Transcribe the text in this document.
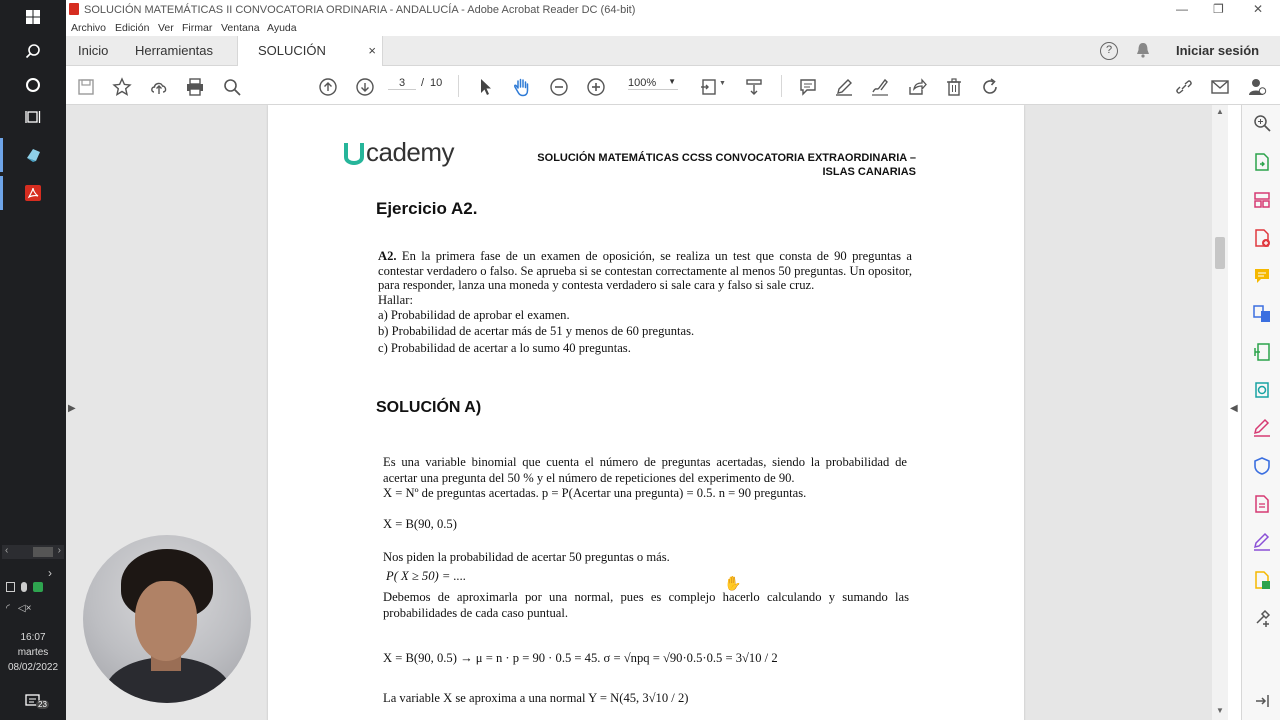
‹	›
›
◜ ◁×
16:07
martes
08/02/2022
23
SOLUCIÓN MATEMÁTICAS II CONVOCATORIA ORDINARIA - ANDALUCÍA - Adobe Acrobat Reader DC (64-bit)	— ❐ ✕
Archivo Edición Ver Firmar Ventana Ayuda
Inicio Herramientas	SOLUCIÓN	×	?	Iniciar sesión
3	/ 10	100% ▼	▼
▶
cademy	SOLUCIÓN MATEMÁTICAS CCSS CONVOCATORIA EXTRAORDINARIA – ISLAS CANARIAS
Ejercicio A2.
A2. En la primera fase de un examen de oposición, se realiza un test que consta de 90 preguntas a contestar verdadero o falso. Se aprueba si se contestan correctamente al menos 50 preguntas. Un opositor, para responder, lanza una moneda y contesta verdadero si sale cara y falso si sale cruz.
Hallar:
a) Probabilidad de aprobar el examen.
b) Probabilidad de acertar más de 51 y menos de 60 preguntas.
c) Probabilidad de acertar a lo sumo 40 preguntas.
SOLUCIÓN A)
Es una variable binomial que cuenta el número de preguntas acertadas, siendo la probabilidad de acertar una pregunta del 50 % y el número de repeticiones del experimento de 90.
X = Nº de preguntas acertadas. p = P(Acertar una pregunta) = 0.5. n = 90 preguntas.
X = B(90, 0.5)
Nos piden la probabilidad de acertar 50 preguntas o más.
P( X ≥ 50) = ....
Debemos de aproximarla por una normal, pues es complejo hacerlo calculando y sumando las probabilidades de cada caso puntual.
X = B(90, 0.5) → μ = n · p = 90 · 0.5 = 45. σ = √npq = √90·0.5·0.5 = 3√10 / 2
La variable X se aproxima a una normal Y = N(45, 3√10 / 2)
✋
▲
▼
◀
